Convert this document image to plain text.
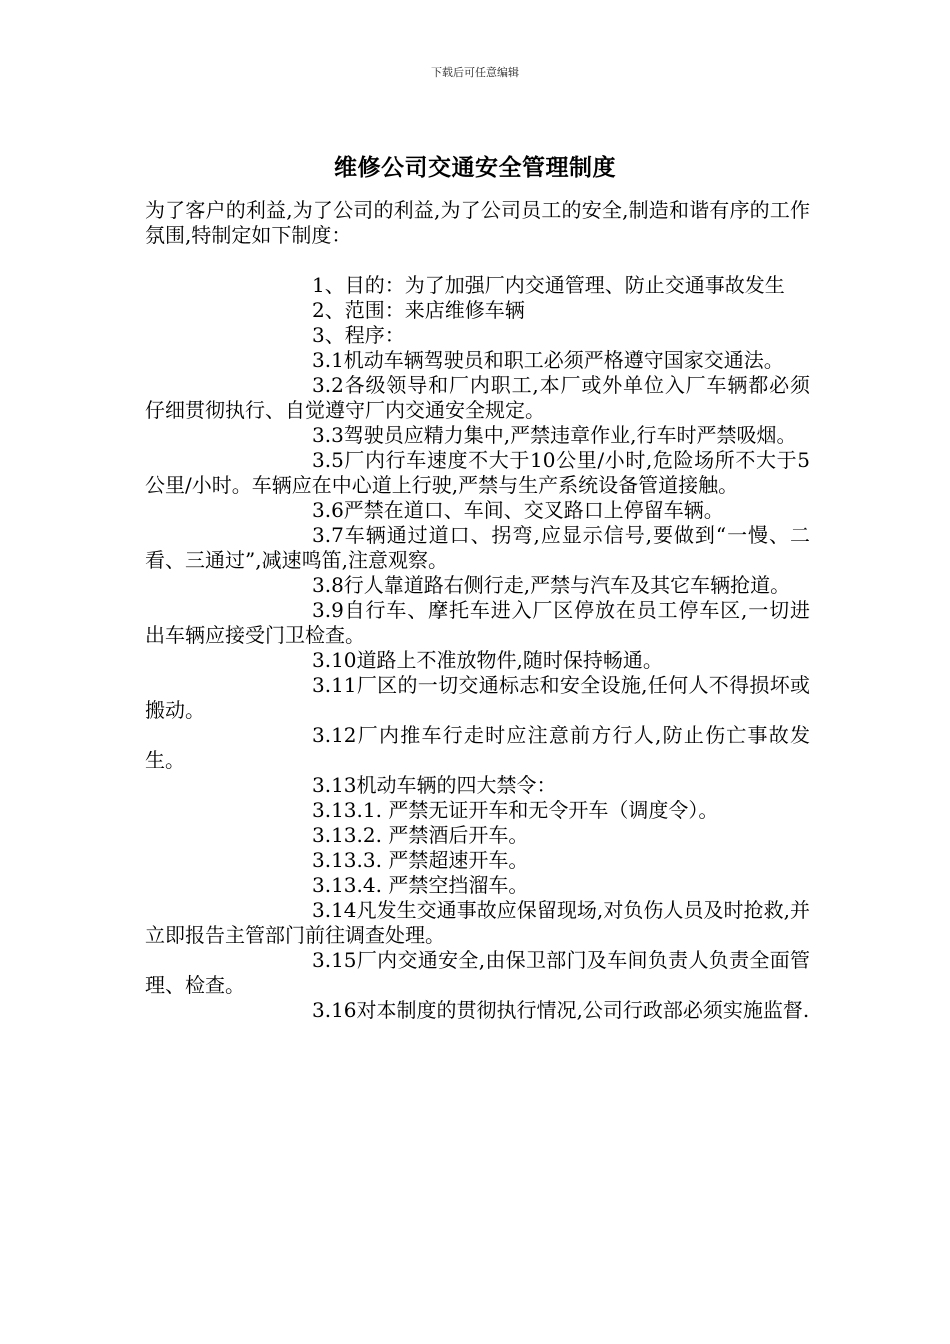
下载后可任意编辑
维修公司交通安全管理制度

为了客户的利益,为了公司的利益,为了公司员工的安全,制造和谐有序的工作氛围,特制定如下制度：

1、目的：为了加强厂内交通管理、防止交通事故发生

2、范围：来店维修车辆

3、程序：

3.1机动车辆驾驶员和职工必须严格遵守国家交通法。

3.2各级领导和厂内职工,本厂或外单位入厂车辆都必须仔细贯彻执行、自觉遵守厂内交通安全规定。

3.3驾驶员应精力集中,严禁违章作业,行车时严禁吸烟。

3.5厂内行车速度不大于10公里/小时,危险场所不大于5公里/小时。车辆应在中心道上行驶,严禁与生产系统设备管道接触。

3.6严禁在道口、车间、交叉路口上停留车辆。

3.7车辆通过道口、拐弯,应显示信号,要做到“一慢、二看、三通过”,减速鸣笛,注意观察。

3.8行人靠道路右侧行走,严禁与汽车及其它车辆抢道。

3.9自行车、摩托车进入厂区停放在员工停车区,一切进出车辆应接受门卫检查。

3.10道路上不准放物件,随时保持畅通。

3.11厂区的一切交通标志和安全设施,任何人不得损坏或搬动。

3.12厂内推车行走时应注意前方行人,防止伤亡事故发生。

3.13机动车辆的四大禁令：

3.13.1. 严禁无证开车和无令开车（调度令）。

3.13.2. 严禁酒后开车。

3.13.3. 严禁超速开车。

3.13.4. 严禁空挡溜车。

3.14凡发生交通事故应保留现场,对负伤人员及时抢救,并立即报告主管部门前往调查处理。

3.15厂内交通安全,由保卫部门及车间负责人负责全面管理、检查。

3.16对本制度的贯彻执行情况,公司行政部必须实施监督.
